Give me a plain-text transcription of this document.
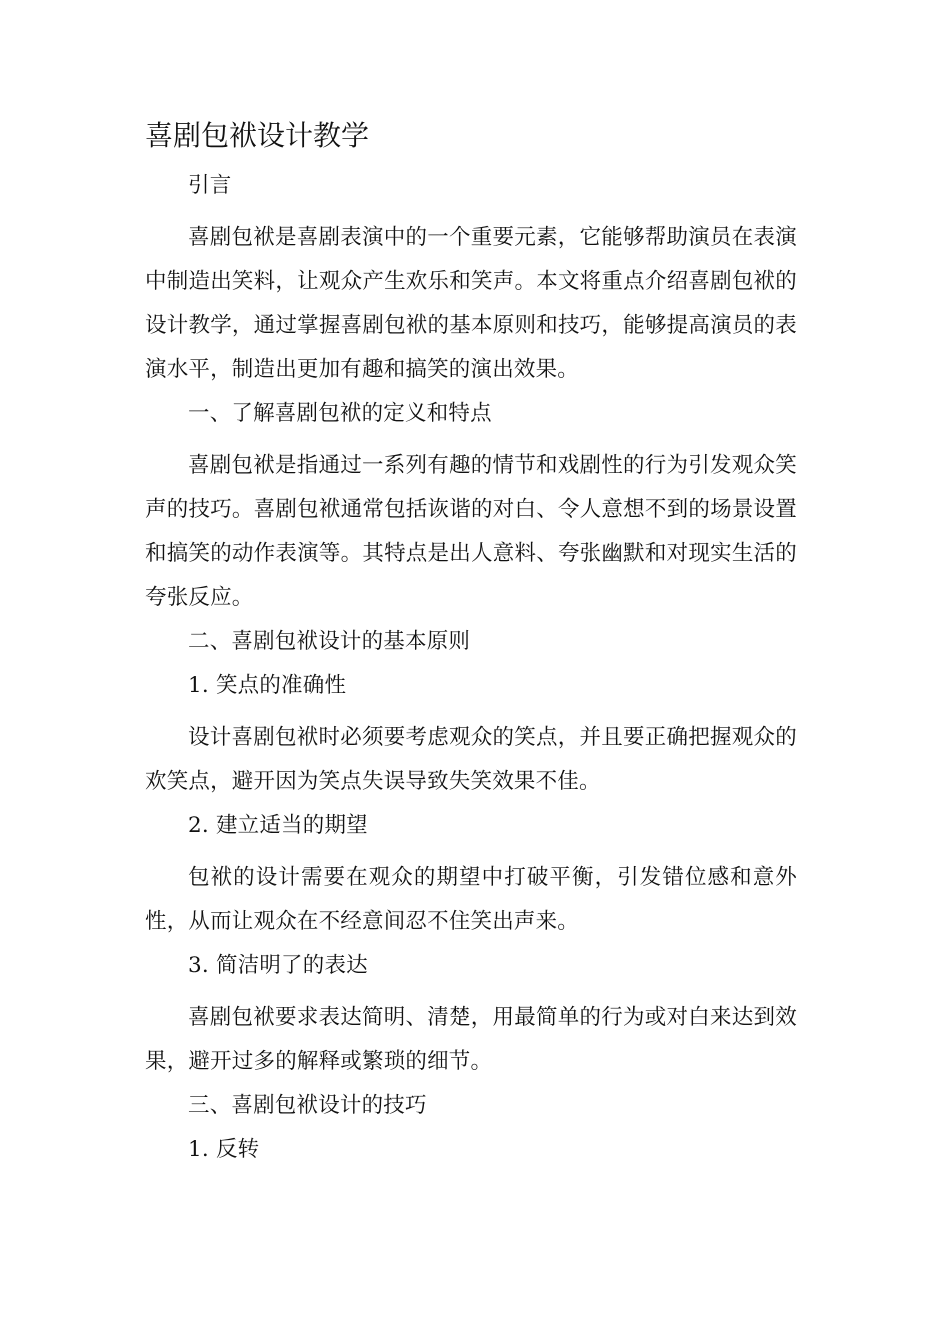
喜剧包袱设计教学

引言

喜剧包袱是喜剧表演中的一个重要元素，它能够帮助演员在表演中制造出笑料，让观众产生欢乐和笑声。本文将重点介绍喜剧包袱的设计教学，通过掌握喜剧包袱的基本原则和技巧，能够提高演员的表演水平，制造出更加有趣和搞笑的演出效果。

一、了解喜剧包袱的定义和特点

喜剧包袱是指通过一系列有趣的情节和戏剧性的行为引发观众笑声的技巧。喜剧包袱通常包括诙谐的对白、令人意想不到的场景设置和搞笑的动作表演等。其特点是出人意料、夸张幽默和对现实生活的夸张反应。

二、喜剧包袱设计的基本原则

1. 笑点的准确性

设计喜剧包袱时必须要考虑观众的笑点，并且要正确把握观众的欢笑点，避开因为笑点失误导致失笑效果不佳。

2. 建立适当的期望

包袱的设计需要在观众的期望中打破平衡，引发错位感和意外性，从而让观众在不经意间忍不住笑出声来。

3. 简洁明了的表达

喜剧包袱要求表达简明、清楚，用最简单的行为或对白来达到效果，避开过多的解释或繁琐的细节。

三、喜剧包袱设计的技巧

1. 反转
